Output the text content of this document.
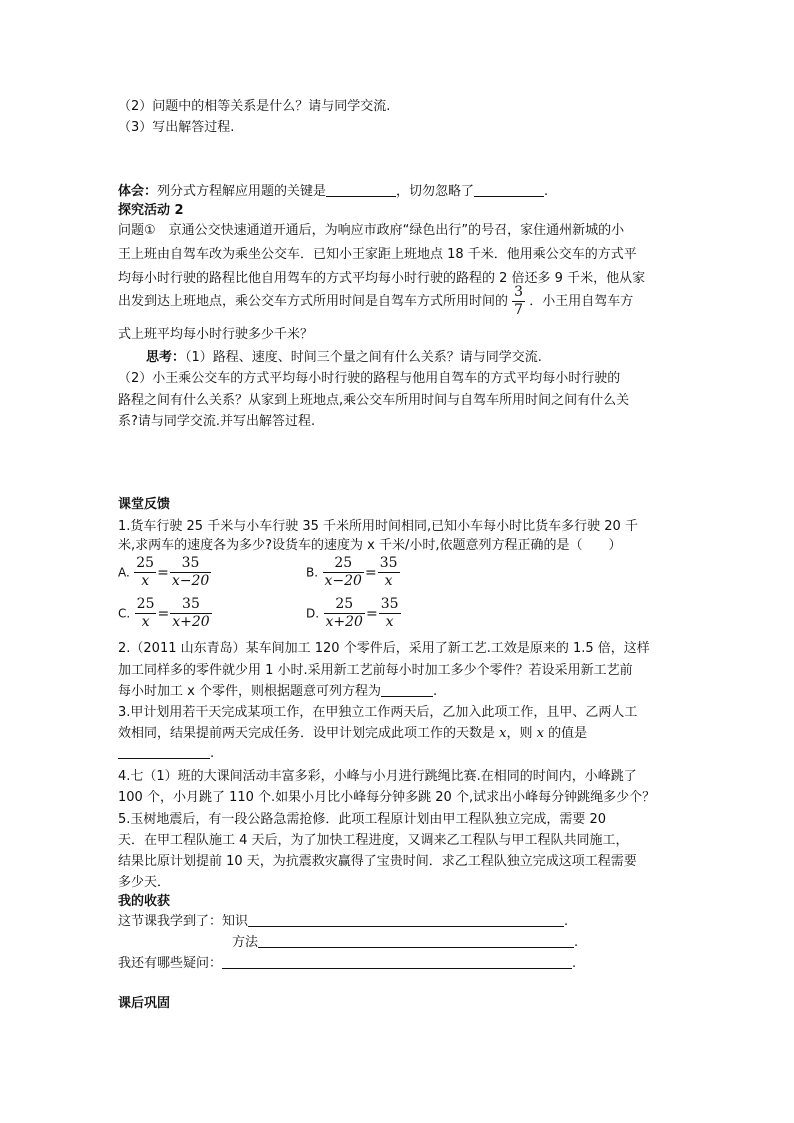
（2）问题中的相等关系是什么？请与同学交流.
（3）写出解答过程.
体会：列分式方程解应用题的关键是	，切勿忽略了	.
探究活动 2
问题①　京通公交快速通道开通后，为响应市政府“绿色出行”的号召，家住通州新城的小
王上班由自驾车改为乘坐公交车．已知小王家距上班地点 18 千米．他用乘公交车的方式平
均每小时行驶的路程比他自用驾车的方式平均每小时行驶的路程的 2 倍还多 9 千米，他从家
出发到达上班地点，乘公交车方式所用时间是自驾车方式所用时间的 $\frac{3}{7}$ ．小王用自驾车方
式上班平均每小时行驶多少千米？
思考：（1）路程、速度、时间三个量之间有什么关系？请与同学交流.
（2）小王乘公交车的方式平均每小时行驶的路程与他用自驾车的方式平均每小时行驶的
路程之间有什么关系？从家到上班地点,乘公交车所用时间与自驾车所用时间之间有什么关
系?请与同学交流.并写出解答过程.
课堂反馈
1.货车行驶 25 千米与小车行驶 35 千米所用时间相同,已知小车每小时比货车多行驶 20 千
米,求两车的速度各为多少?设货车的速度为 x 千米/小时,依题意列方程正确的是（　　）
A. $\frac{25}{x} = \frac{35}{x-20}$	B. $\frac{25}{x-20} = \frac{35}{x}$
C. $\frac{25}{x} = \frac{35}{x+20}$	D. $\frac{25}{x+20} = \frac{35}{x}$
2.（2011 山东青岛）某车间加工 120 个零件后，采用了新工艺.工效是原来的 1.5 倍，这样
加工同样多的零件就少用 1 小时.采用新工艺前每小时加工多少个零件？若设采用新工艺前
每小时加工 x 个零件，则根据题意可列方程为	.
3.甲计划用若干天完成某项工作，在甲独立工作两天后，乙加入此项工作，且甲、乙两人工
效相同，结果提前两天完成任务．设甲计划完成此项工作的天数是 x，则 x 的值是
.
4.七（1）班的大课间活动丰富多彩，小峰与小月进行跳绳比赛.在相同的时间内，小峰跳了
100 个，小月跳了 110 个.如果小月比小峰每分钟多跳 20 个,试求出小峰每分钟跳绳多少个？
5.玉树地震后，有一段公路急需抢修．此项工程原计划由甲工程队独立完成，需要 20
天．在甲工程队施工 4 天后，为了加快工程进度，又调来乙工程队与甲工程队共同施工，
结果比原计划提前 10 天，为抗震救灾赢得了宝贵时间．求乙工程队独立完成这项工程需要
多少天．
我的收获
这节课我学到了：知识	.
方法	.
我还有哪些疑问：	.
课后巩固
